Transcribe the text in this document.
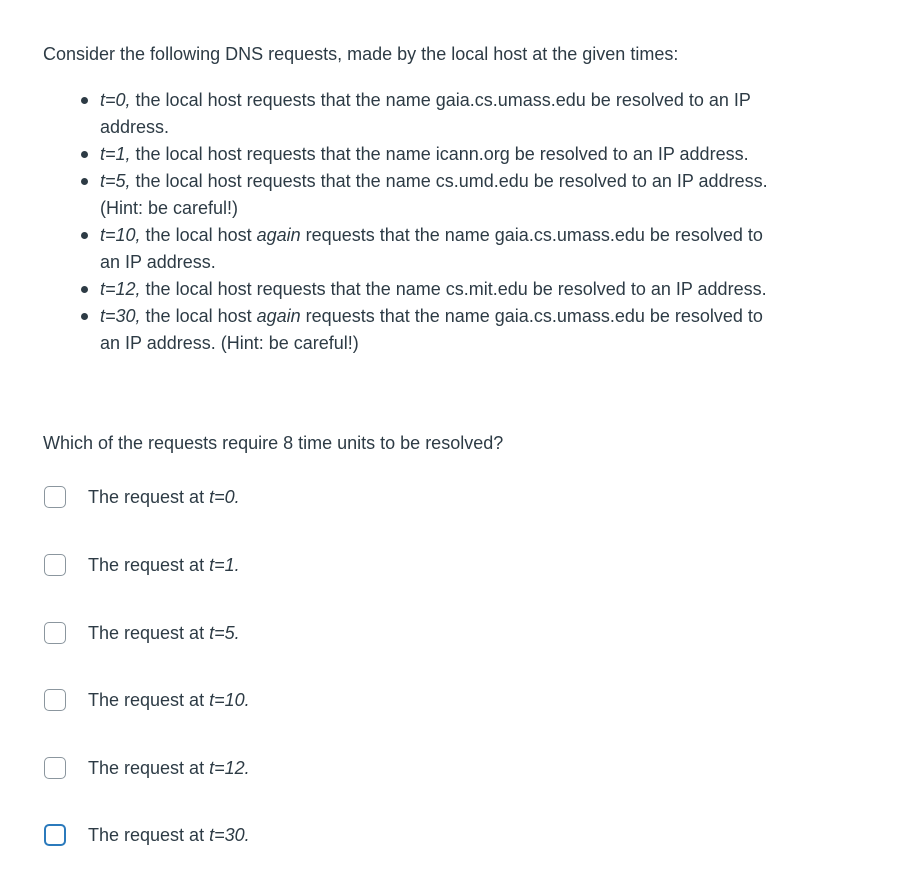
Consider the following DNS requests, made by the local host at the given times:

t=0, the local host requests that the name gaia.cs.umass.edu be resolved to an IP address.
t=1, the local host requests that the name icann.org be resolved to an IP address.
t=5, the local host requests that the name cs.umd.edu be resolved to an IP address. (Hint: be careful!)
t=10, the local host again requests that the name gaia.cs.umass.edu be resolved to an IP address.
t=12, the local host requests that the name cs.mit.edu be resolved to an IP address.
t=30, the local host again requests that the name gaia.cs.umass.edu be resolved to an IP address. (Hint: be careful!)

Which of the requests require 8 time units to be resolved?

The request at t=0.
The request at t=1.
The request at t=5.
The request at t=10.
The request at t=12.
The request at t=30.
